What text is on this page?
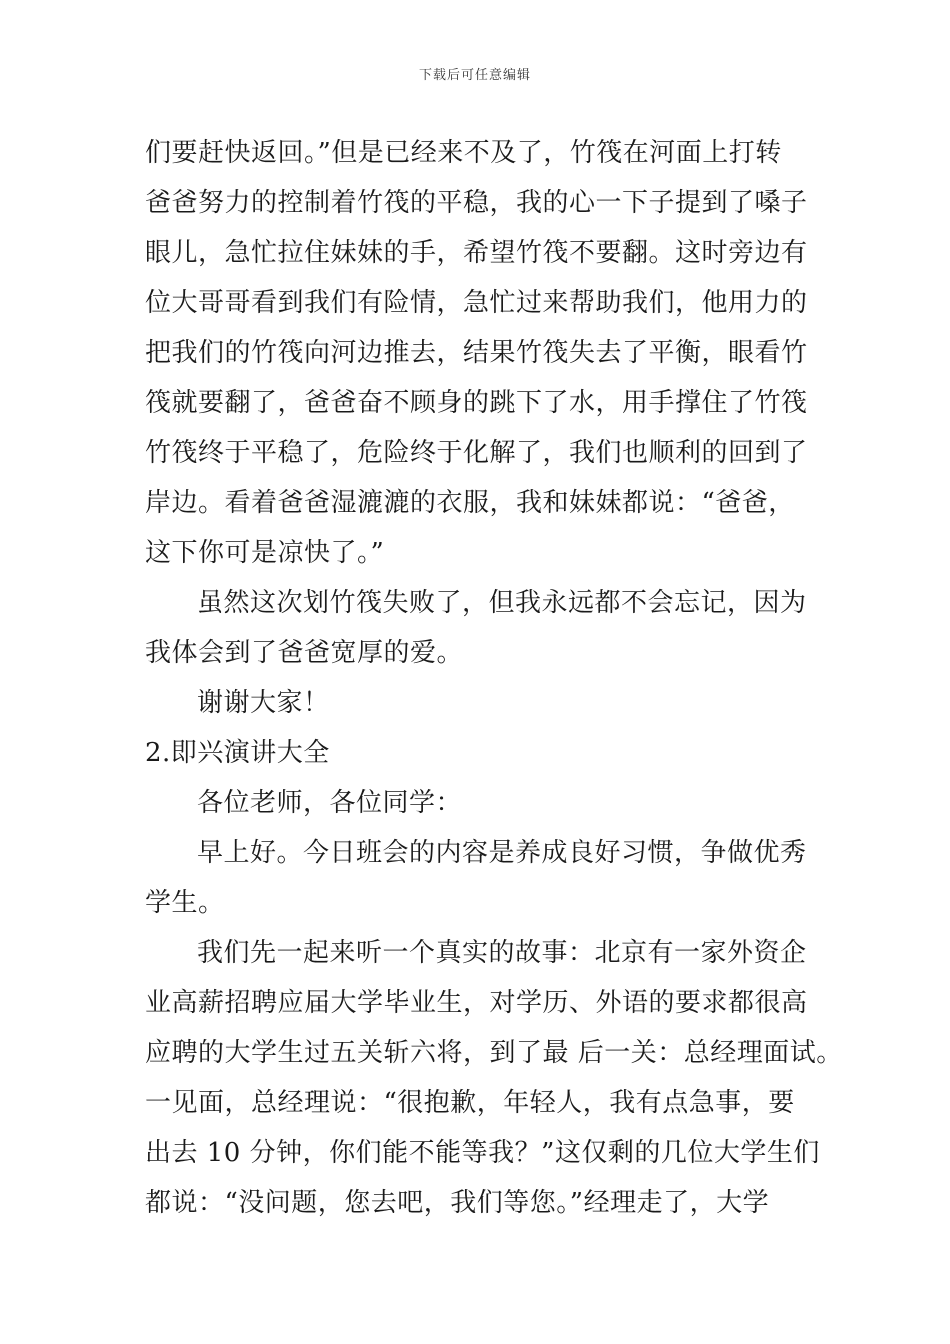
下载后可任意编辑
们要赶快返回。”但是已经来不及了，竹筏在河面上打转
爸爸努力的控制着竹筏的平稳，我的心一下子提到了嗓子
眼儿，急忙拉住妹妹的手，希望竹筏不要翻。这时旁边有
位大哥哥看到我们有险情，急忙过来帮助我们，他用力的
把我们的竹筏向河边推去，结果竹筏失去了平衡，眼看竹
筏就要翻了，爸爸奋不顾身的跳下了水，用手撑住了竹筏
竹筏终于平稳了，危险终于化解了，我们也顺利的回到了
岸边。看着爸爸湿漉漉的衣服，我和妹妹都说：“爸爸，
这下你可是凉快了。”
虽然这次划竹筏失败了，但我永远都不会忘记，因为
我体会到了爸爸宽厚的爱。
谢谢大家！
2.即兴演讲大全
各位老师，各位同学：
早上好。今日班会的内容是养成良好习惯，争做优秀
学生。
我们先一起来听一个真实的故事：北京有一家外资企
业高薪招聘应届大学毕业生，对学历、外语的要求都很高
应聘的大学生过五关斩六将，到了最 后一关：总经理面试。
一见面，总经理说：“很抱歉，年轻人，我有点急事，要
出去 10 分钟，你们能不能等我？”这仅剩的几位大学生们
都说：“没问题，您去吧，我们等您。”经理走了，大学
